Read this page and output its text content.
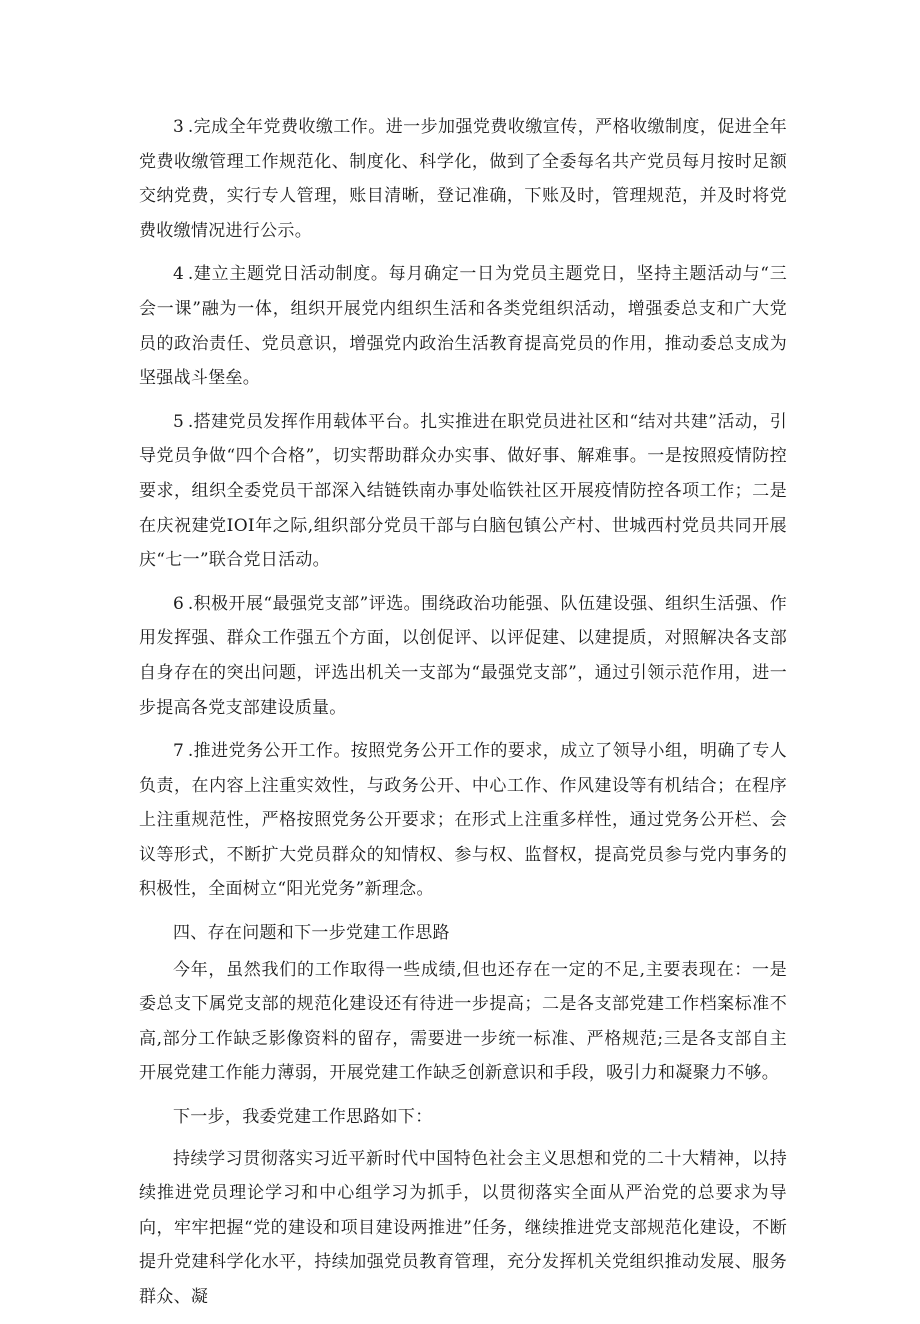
3.完成全年党费收缴工作。进一步加强党费收缴宣传，严格收缴制度，促进全年党费收缴管理工作规范化、制度化、科学化，做到了全委每名共产党员每月按时足额交纳党费，实行专人管理，账目清晰，登记准确，下账及时，管理规范，并及时将党费收缴情况进行公示。

4.建立主题党日活动制度。每月确定一日为党员主题党日，坚持主题活动与“三会一课”融为一体，组织开展党内组织生活和各类党组织活动，增强委总支和广大党员的政治责任、党员意识，增强党内政治生活教育提高党员的作用，推动委总支成为坚强战斗堡垒。

5.搭建党员发挥作用载体平台。扎实推进在职党员进社区和“结对共建”活动，引导党员争做“四个合格”，切实帮助群众办实事、做好事、解难事。一是按照疫情防控要求，组织全委党员干部深入结链铁南办事处临铁社区开展疫情防控各项工作；二是在庆祝建党IOI年之际,组织部分党员干部与白脑包镇公产村、世城西村党员共同开展庆“七一”联合党日活动。

6.积极开展“最强党支部”评选。围绕政治功能强、队伍建设强、组织生活强、作用发挥强、群众工作强五个方面，以创促评、以评促建、以建提质，对照解决各支部自身存在的突出问题，评选出机关一支部为“最强党支部”，通过引领示范作用，进一步提高各党支部建设质量。

7.推进党务公开工作。按照党务公开工作的要求，成立了领导小组，明确了专人负责，在内容上注重实效性，与政务公开、中心工作、作风建设等有机结合；在程序上注重规范性，严格按照党务公开要求；在形式上注重多样性，通过党务公开栏、会议等形式，不断扩大党员群众的知情权、参与权、监督权，提高党员参与党内事务的积极性，全面树立“阳光党务”新理念。

四、存在问题和下一步党建工作思路

今年，虽然我们的工作取得一些成绩,但也还存在一定的不足,主要表现在：一是委总支下属党支部的规范化建设还有待进一步提高；二是各支部党建工作档案标准不高,部分工作缺乏影像资料的留存，需要进一步统一标准、严格规范;三是各支部自主开展党建工作能力薄弱，开展党建工作缺乏创新意识和手段，吸引力和凝聚力不够。

下一步，我委党建工作思路如下：

持续学习贯彻落实习近平新时代中国特色社会主义思想和党的二十大精神，以持续推进党员理论学习和中心组学习为抓手，以贯彻落实全面从严治党的总要求为导向，牢牢把握“党的建设和项目建设两推进”任务，继续推进党支部规范化建设，不断提升党建科学化水平，持续加强党员教育管理，充分发挥机关党组织推动发展、服务群众、凝
